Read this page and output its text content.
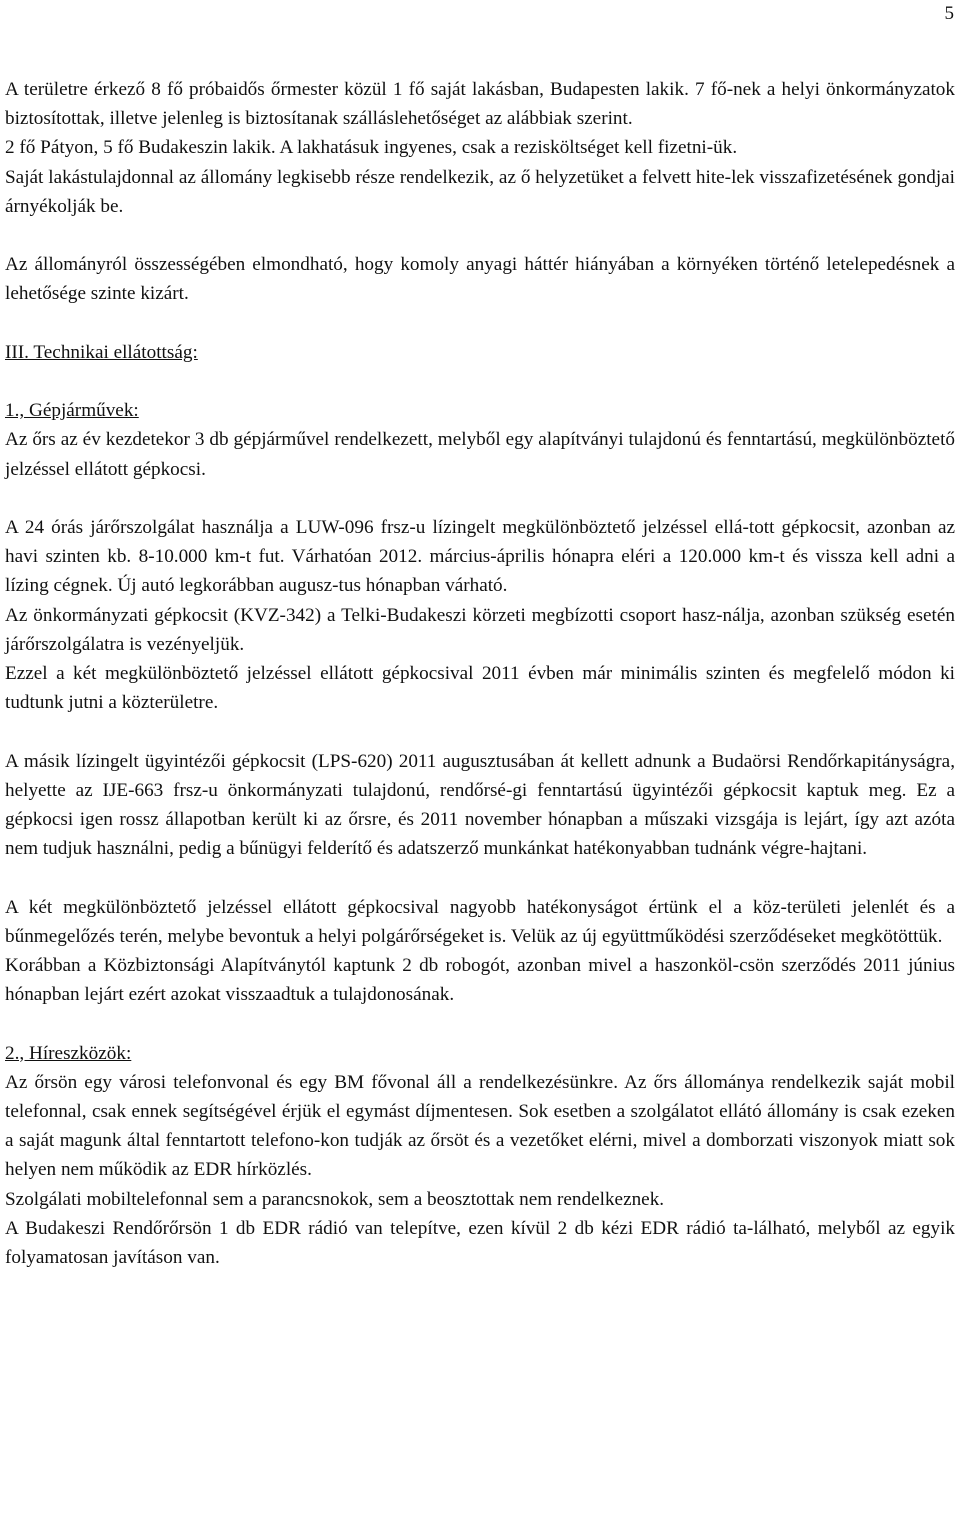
5

A területre érkező 8 fő próbaidős őrmester közül 1 fő saját lakásban, Budapesten lakik. 7 fő-nek a helyi önkormányzatok biztosítottak, illetve jelenleg is biztosítanak szálláslehetőséget az alábbiak szerint.

2 fő Pátyon, 5 fő Budakeszin lakik. A lakhatásuk ingyenes, csak a rezisköltséget kell fizetni-ük.

Saját lakástulajdonnal az állomány legkisebb része rendelkezik, az ő helyzetüket a felvett hite-lek visszafizetésének gondjai árnyékolják be.

Az állományról összességében elmondható, hogy komoly anyagi háttér hiányában a környéken történő letelepedésnek a lehetősége szinte kizárt.

III. Technikai ellátottság:

1., Gépjárművek:

Az őrs az év kezdetekor 3 db gépjárművel rendelkezett, melyből egy alapítványi tulajdonú és fenntartású, megkülönböztető jelzéssel ellátott gépkocsi.

A 24 órás járőrszolgálat használja a LUW-096 frsz-u lízingelt megkülönböztető jelzéssel ellá-tott gépkocsit, azonban az havi szinten kb. 8-10.000 km-t fut. Várhatóan 2012. március-április hónapra eléri a 120.000 km-t és vissza kell adni a lízing cégnek. Új autó legkorábban augusz-tus hónapban várható.

Az önkormányzati gépkocsit (KVZ-342) a Telki-Budakeszi körzeti megbízotti csoport hasz-nálja, azonban szükség esetén járőrszolgálatra is vezényeljük.

Ezzel a két megkülönböztető jelzéssel ellátott gépkocsival 2011 évben már minimális szinten és megfelelő módon ki tudtunk jutni a közterületre.

A másik lízingelt ügyintézői gépkocsit (LPS-620) 2011 augusztusában át kellett adnunk a Budaörsi Rendőrkapitányságra, helyette az IJE-663 frsz-u önkormányzati tulajdonú, rendőrsé-gi fenntartású ügyintézői gépkocsit kaptuk meg. Ez a gépkocsi igen rossz állapotban került ki az őrsre, és 2011 november hónapban a műszaki vizsgája is lejárt, így azt azóta nem tudjuk használni, pedig a bűnügyi felderítő és adatszerző munkánkat hatékonyabban tudnánk végre-hajtani.

A két megkülönböztető jelzéssel ellátott gépkocsival nagyobb hatékonyságot értünk el a köz-területi jelenlét és a bűnmegelőzés terén, melybe bevontuk a helyi polgárőrségeket is. Velük az új együttműködési szerződéseket megkötöttük.

Korábban a Közbiztonsági Alapítványtól kaptunk 2 db robogót, azonban mivel a haszonköl-csön szerződés 2011 június hónapban lejárt ezért azokat visszaadtuk a tulajdonosának.

2., Híreszközök:

Az őrsön egy városi telefonvonal és egy BM fővonal áll a rendelkezésünkre. Az őrs állománya rendelkezik saját mobil telefonnal, csak ennek segítségével érjük el egymást díjmentesen. Sok esetben a szolgálatot ellátó állomány is csak ezeken a saját magunk által fenntartott telefono-kon tudják az őrsöt és a vezetőket elérni, mivel a domborzati viszonyok miatt sok helyen nem működik az EDR hírközlés.

Szolgálati mobiltelefonnal sem a parancsnokok, sem a beosztottak nem rendelkeznek.

A Budakeszi Rendőrőrsön 1 db EDR rádió van telepítve, ezen kívül 2 db kézi EDR rádió ta-lálható, melyből az egyik folyamatosan javításon van.
